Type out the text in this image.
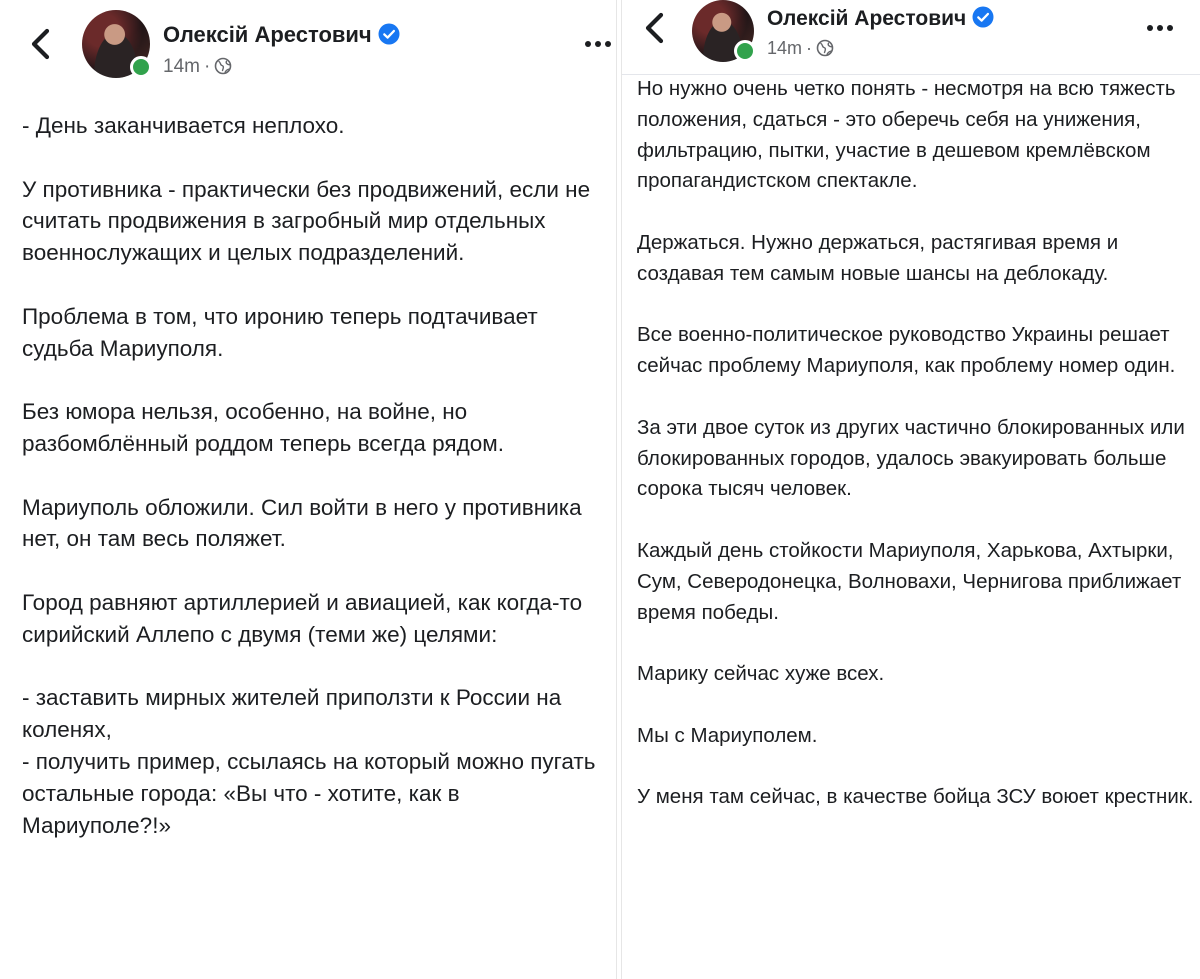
Олексій Арестович
14m ·
- День заканчивается неплохо.

У противника - практически без продвижений, если не считать продвижения в загробный мир отдельных военнослужащих и целых подразделений.

Проблема в том, что иронию теперь подтачивает судьба Мариуполя.

Без юмора нельзя, особенно, на войне, но разбомблённый роддом теперь всегда рядом.

Мариуполь обложили. Сил войти в него у противника нет, он там весь поляжет.

Город равняют артиллерией и авиацией, как когда-то сирийский Аллепо с двумя (теми же) целями:

- заставить мирных жителей приползти к России на коленях,
- получить пример, ссылаясь на который можно пугать остальные города: «Вы что - хотите, как в Мариуполе?!»
Олексій Арестович
14m ·
Но нужно очень четко понять - несмотря на всю тяжесть положения, сдаться - это оберечь себя на унижения, фильтрацию, пытки, участие в дешевом кремлёвском пропагандистском спектакле.

Держаться. Нужно держаться, растягивая время и создавая тем самым новые шансы на деблокаду.

Все военно-политическое руководство Украины решает сейчас проблему Мариуполя, как проблему номер один.

За эти двое суток из других частично блокированных или блокированных городов, удалось эвакуировать больше сорока тысяч человек.

Каждый день стойкости Мариуполя, Харькова, Ахтырки, Сум, Северодонецка, Волновахи, Чернигова приближает время победы.

Марику сейчас хуже всех.

Мы с Мариуполем.

У меня там сейчас, в качестве бойца ЗСУ воюет крестник.
